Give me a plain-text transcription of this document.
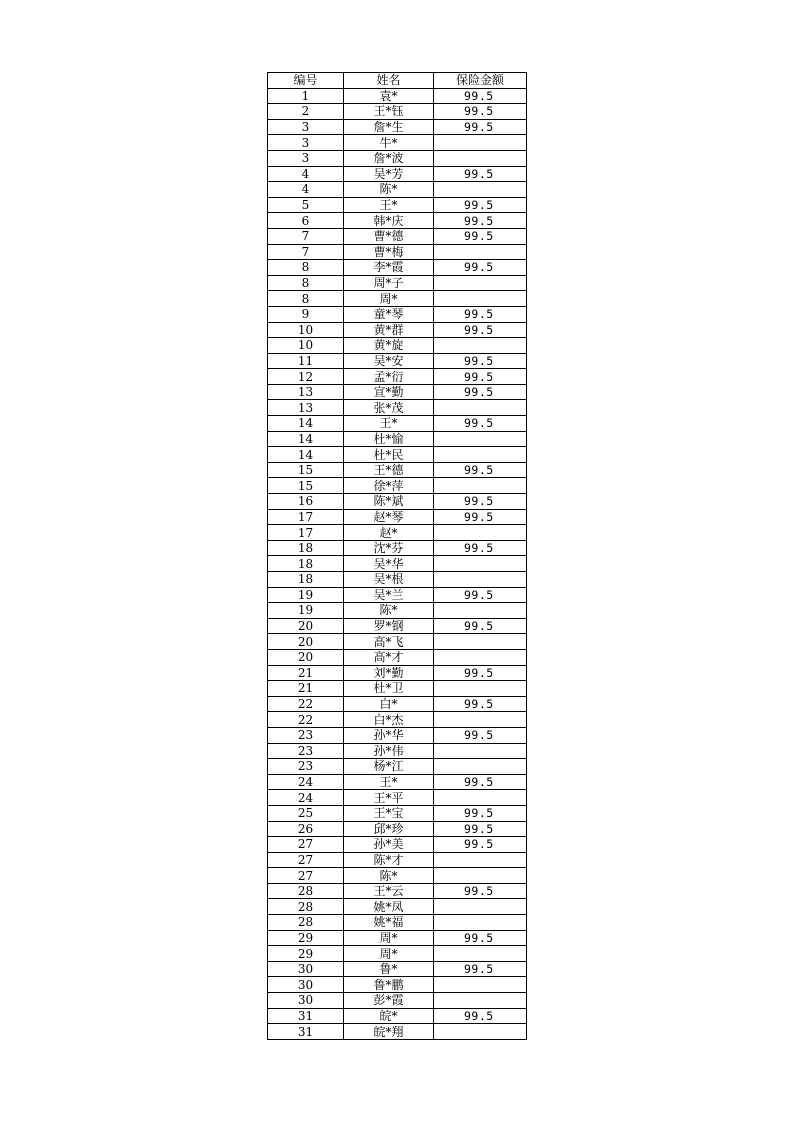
编号	姓名	保险金额
1	袁*	99.5
2	王*钰	99.5
3	詹*生	99.5
3	牛*	
3	詹*波	
4	吴*芳	99.5
4	陈*	
5	王*	99.5
6	韩*庆	99.5
7	曹*德	99.5
7	曹*梅	
8	李*霞	99.5
8	周*子	
8	周*	
9	童*琴	99.5
10	黄*群	99.5
10	黄*旋	
11	吴*安	99.5
12	孟*衍	99.5
13	宣*勤	99.5
13	张*茂	
14	王*	99.5
14	杜*愉	
14	杜*民	
15	王*德	99.5
15	徐*萍	
16	陈*斌	99.5
17	赵*琴	99.5
17	赵*	
18	沈*芬	99.5
18	吴*华	
18	吴*根	
19	吴*兰	99.5
19	陈*	
20	罗*钢	99.5
20	高*飞	
20	高*才	
21	刘*勤	99.5
21	杜*卫	
22	白*	99.5
22	白*杰	
23	孙*华	99.5
23	孙*伟	
23	杨*江	
24	王*	99.5
24	王*平	
25	王*宝	99.5
26	邱*珍	99.5
27	孙*美	99.5
27	陈*才	
27	陈*	
28	王*云	99.5
28	姚*凤	
28	姚*福	
29	周*	99.5
29	周*	
30	鲁*	99.5
30	鲁*鹏	
30	彭*霞	
31	皖*	99.5
31	皖*翔	
